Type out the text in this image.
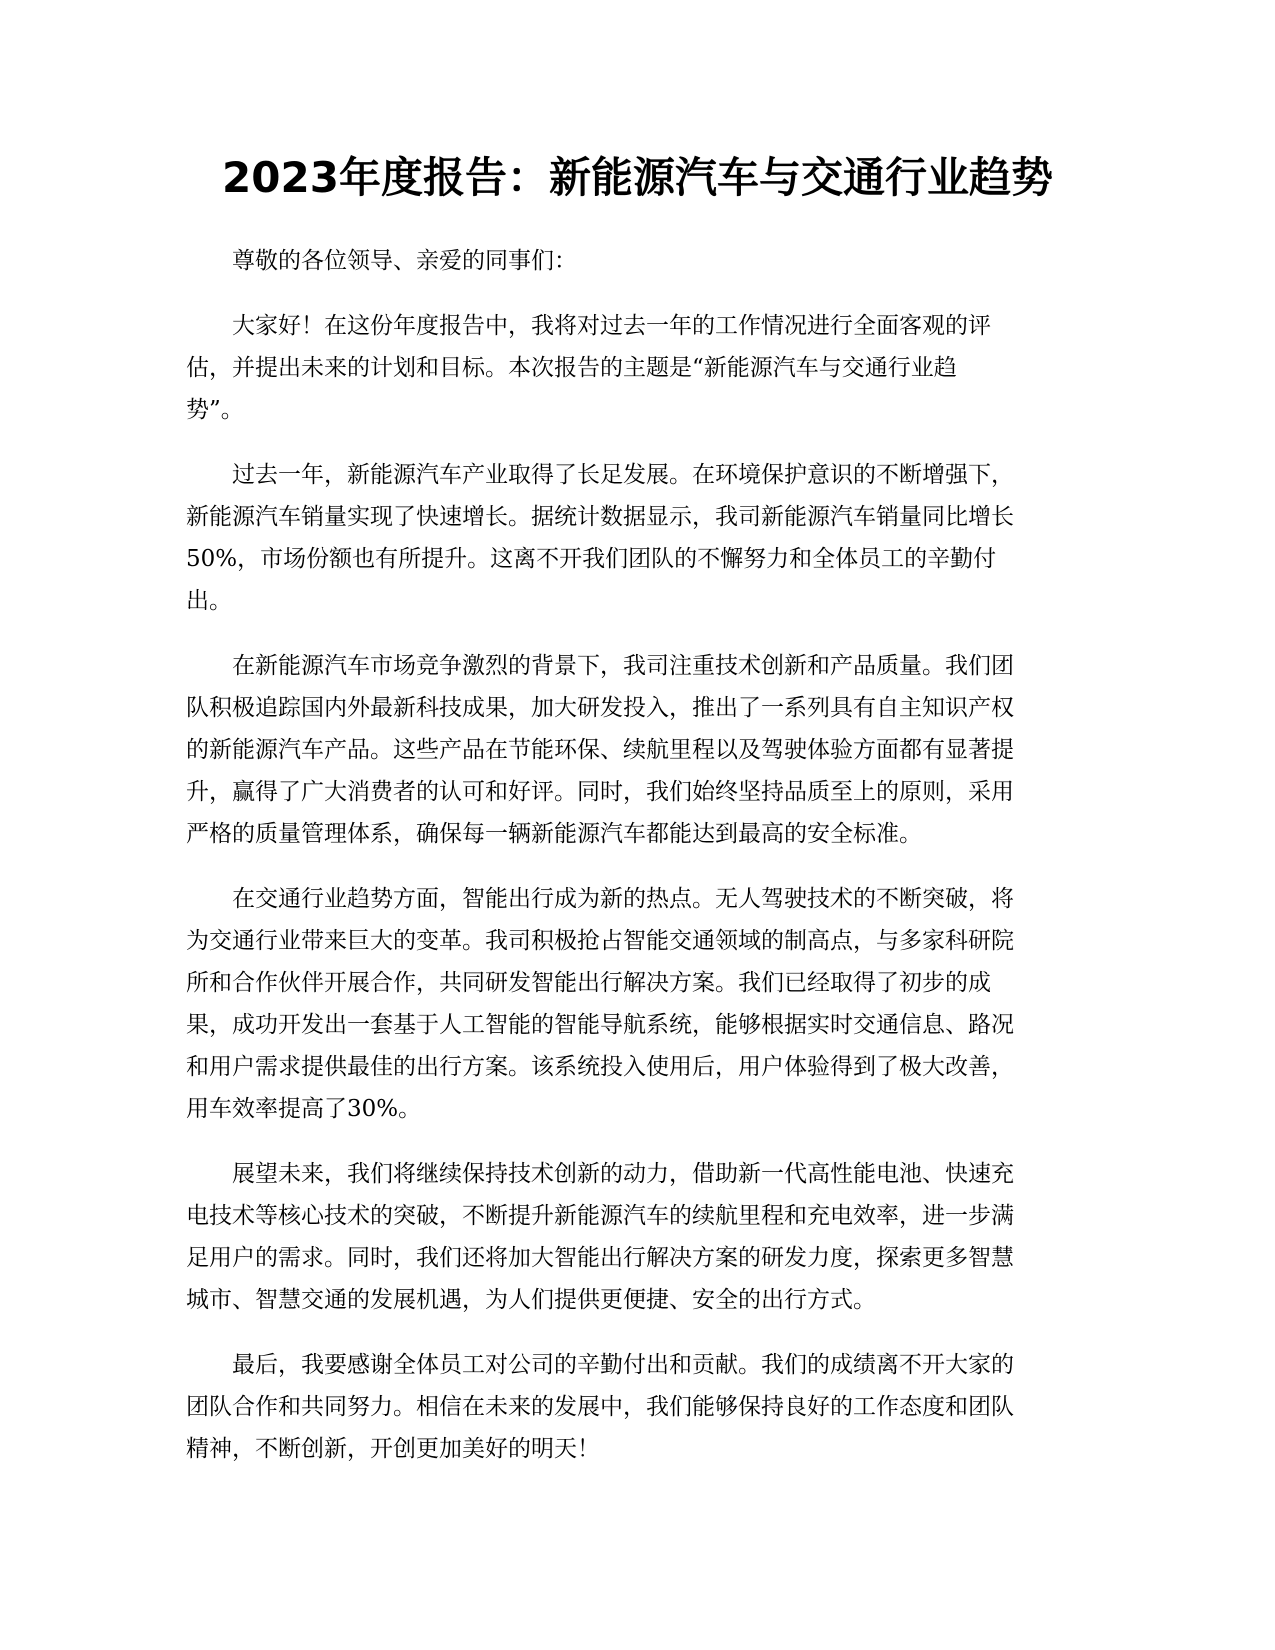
2023年度报告：新能源汽车与交通行业趋势

尊敬的各位领导、亲爱的同事们：

大家好！在这份年度报告中，我将对过去一年的工作情况进行全面客观的评
估，并提出未来的计划和目标。本次报告的主题是“新能源汽车与交通行业趋
势”。

过去一年，新能源汽车产业取得了长足发展。在环境保护意识的不断增强下，
新能源汽车销量实现了快速增长。据统计数据显示，我司新能源汽车销量同比增长
50%，市场份额也有所提升。这离不开我们团队的不懈努力和全体员工的辛勤付
出。

在新能源汽车市场竞争激烈的背景下，我司注重技术创新和产品质量。我们团
队积极追踪国内外最新科技成果，加大研发投入，推出了一系列具有自主知识产权
的新能源汽车产品。这些产品在节能环保、续航里程以及驾驶体验方面都有显著提
升，赢得了广大消费者的认可和好评。同时，我们始终坚持品质至上的原则，采用
严格的质量管理体系，确保每一辆新能源汽车都能达到最高的安全标准。

在交通行业趋势方面，智能出行成为新的热点。无人驾驶技术的不断突破，将
为交通行业带来巨大的变革。我司积极抢占智能交通领域的制高点，与多家科研院
所和合作伙伴开展合作，共同研发智能出行解决方案。我们已经取得了初步的成
果，成功开发出一套基于人工智能的智能导航系统，能够根据实时交通信息、路况
和用户需求提供最佳的出行方案。该系统投入使用后，用户体验得到了极大改善，
用车效率提高了30%。

展望未来，我们将继续保持技术创新的动力，借助新一代高性能电池、快速充
电技术等核心技术的突破，不断提升新能源汽车的续航里程和充电效率，进一步满
足用户的需求。同时，我们还将加大智能出行解决方案的研发力度，探索更多智慧
城市、智慧交通的发展机遇，为人们提供更便捷、安全的出行方式。

最后，我要感谢全体员工对公司的辛勤付出和贡献。我们的成绩离不开大家的
团队合作和共同努力。相信在未来的发展中，我们能够保持良好的工作态度和团队
精神，不断创新，开创更加美好的明天！
